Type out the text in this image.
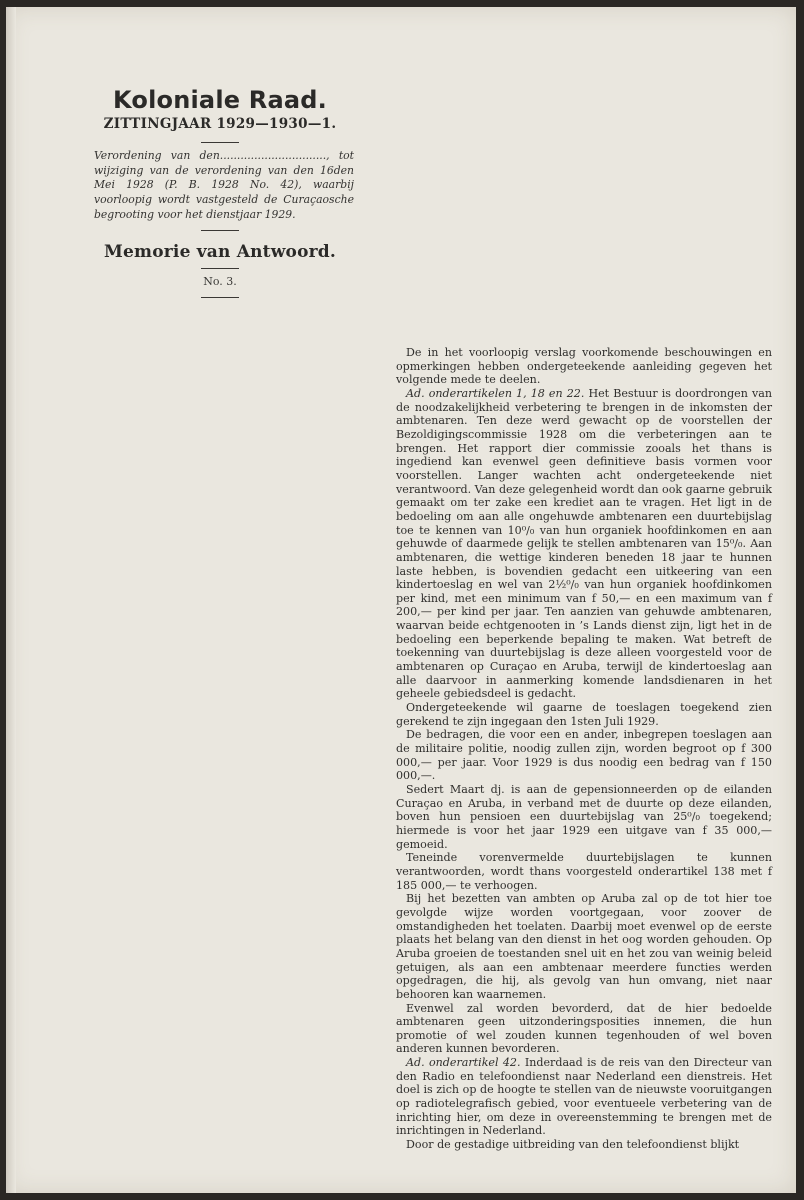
Koloniale Raad.
ZITTINGJAAR 1929—1930—1.

Verordening van den..............................., tot wijziging van de verordening van den 16den Mei 1928 (P. B. 1928 No. 42), waarbij voorloopig wordt vastgesteld de Curaçaosche begrooting voor het dienstjaar 1929.

Memorie van Antwoord.
No. 3.

De in het voorloopig verslag voorkomende beschouwingen en opmerkingen hebben ondergeteekende aanleiding gegeven het volgende mede te deelen.

Ad. onderartikelen 1, 18 en 22. Het Bestuur is doordrongen van de noodzakelijkheid verbetering te brengen in de inkomsten der ambtenaren. Ten deze werd gewacht op de voorstellen der Bezoldigingscommissie 1928 om die verbeteringen aan te brengen. Het rapport dier commissie zooals het thans is ingediend kan evenwel geen definitieve basis vormen voor voorstellen. Langer wachten acht ondergeteekende niet verantwoord. Van deze gelegenheid wordt dan ook gaarne gebruik gemaakt om ter zake een krediet aan te vragen. Het ligt in de bedoeling om aan alle ongehuwde ambtenaren een duurtebijslag toe te kennen van 10⁰/₀ van hun organiek hoofdinkomen en aan gehuwde of daarmede gelijk te stellen ambtenaren van 15⁰/₀. Aan ambtenaren, die wettige kinderen beneden 18 jaar te hunnen laste hebben, is bovendien gedacht een uitkeering van een kindertoeslag en wel van 2½⁰/₀ van hun organiek hoofdinkomen per kind, met een minimum van f 50,— en een maximum van f 200,— per kind per jaar. Ten aanzien van gehuwde ambtenaren, waarvan beide echtgenooten in ’s Lands dienst zijn, ligt het in de bedoeling een beperkende bepaling te maken. Wat betreft de toekenning van duurtebijslag is deze alleen voorgesteld voor de ambtenaren op Curaçao en Aruba, terwijl de kindertoeslag aan alle daarvoor in aanmerking komende landsdienaren in het geheele gebiedsdeel is gedacht.

Ondergeteekende wil gaarne de toeslagen toegekend zien gerekend te zijn ingegaan den 1sten Juli 1929.

De bedragen, die voor een en ander, inbegrepen toeslagen aan de militaire politie, noodig zullen zijn, worden begroot op f 300 000,— per jaar. Voor 1929 is dus noodig een bedrag van f 150 000,—.

Sedert Maart dj. is aan de gepensionneerden op de eilanden Curaçao en Aruba, in verband met de duurte op deze eilanden, boven hun pensioen een duurtebijslag van 25⁰/₀ toegekend; hiermede is voor het jaar 1929 een uitgave van f 35 000,— gemoeid.

Teneinde vorenvermelde duurtebijslagen te kunnen verantwoorden, wordt thans voorgesteld onderartikel 138 met f 185 000,— te verhoogen.

Bij het bezetten van ambten op Aruba zal op de tot hier toe gevolgde wijze worden voortgegaan, voor zoover de omstandigheden het toelaten. Daarbij moet evenwel op de eerste plaats het belang van den dienst in het oog worden gehouden. Op Aruba groeien de toestanden snel uit en het zou van weinig beleid getuigen, als aan een ambtenaar meerdere functies werden opgedragen, die hij, als gevolg van hun omvang, niet naar behooren kan waarnemen.

Evenwel zal worden bevorderd, dat de hier bedoelde ambtenaren geen uitzonderingsposities innemen, die hun promotie of wel zouden kunnen tegenhouden of wel boven anderen kunnen bevorderen.

Ad. onderartikel 42. Inderdaad is de reis van den Directeur van den Radio en telefoondienst naar Nederland een dienstreis. Het doel is zich op de hoogte te stellen van de nieuwste vooruitgangen op radiotelegrafisch gebied, voor eventueele verbetering van de inrichting hier, om deze in overeenstemming te brengen met de inrichtingen in Nederland.

Door de gestadige uitbreiding van den telefoondienst blijkt
